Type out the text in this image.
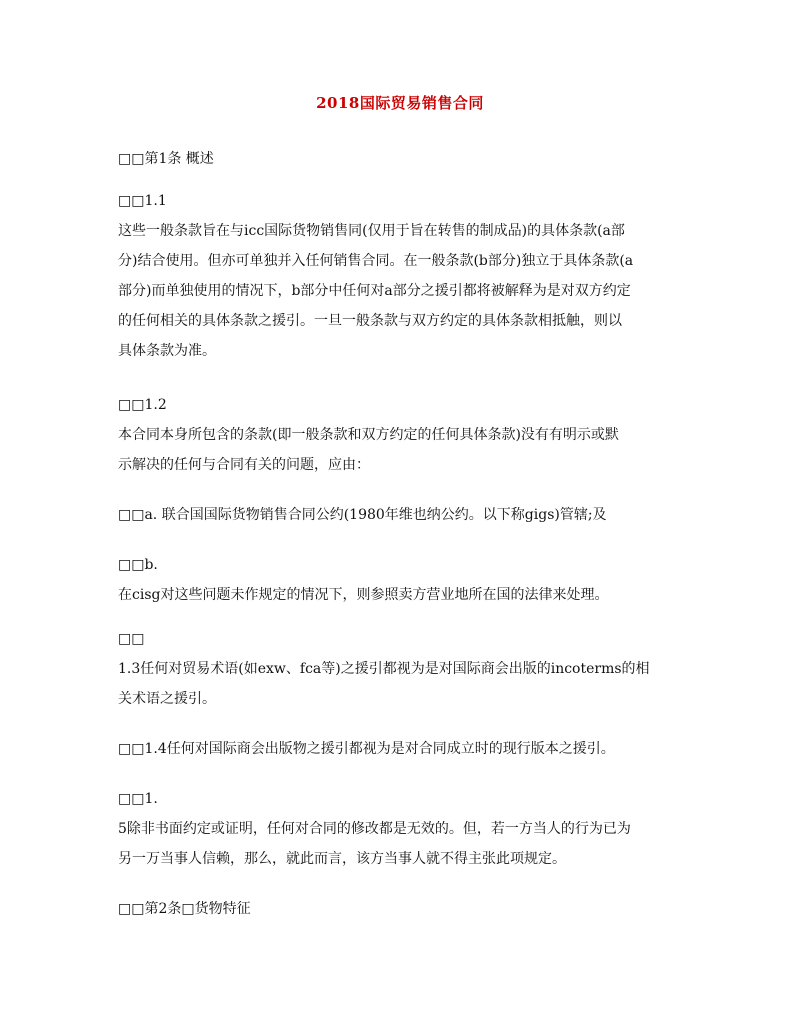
2018国际贸易销售合同
□□第1条 概述
□□1.1
这些一般条款旨在与icc国际货物销售同(仅用于旨在转售的制成品)的具体条款(a部
分)结合使用。但亦可单独并入任何销售合同。在一般条款(b部分)独立于具体条款(a
部分)而单独使用的情况下，b部分中任何对a部分之援引都将被解释为是对双方约定
的任何相关的具体条款之援引。一旦一般条款与双方约定的具体条款相抵触，则以
具体条款为准。
□□1.2
本合同本身所包含的条款(即一般条款和双方约定的任何具体条款)没有有明示或默
示解决的任何与合同有关的问题，应由：
□□a. 联合国国际货物销售合同公约(1980年维也纳公约。以下称gigs)管辖;及
□□b.
在cisg对这些问题未作规定的情况下，则参照卖方营业地所在国的法律来处理。
□□
1.3任何对贸易术语(如exw、fca等)之援引都视为是对国际商会出版的incoterms的相
关术语之援引。
□□1.4任何对国际商会出版物之援引都视为是对合同成立时的现行版本之援引。
□□1.
5除非书面约定或证明，任何对合同的修改都是无效的。但，若一方当人的行为已为
另一万当事人信赖，那么，就此而言，该方当事人就不得主张此项规定。
□□第2条□货物特征
